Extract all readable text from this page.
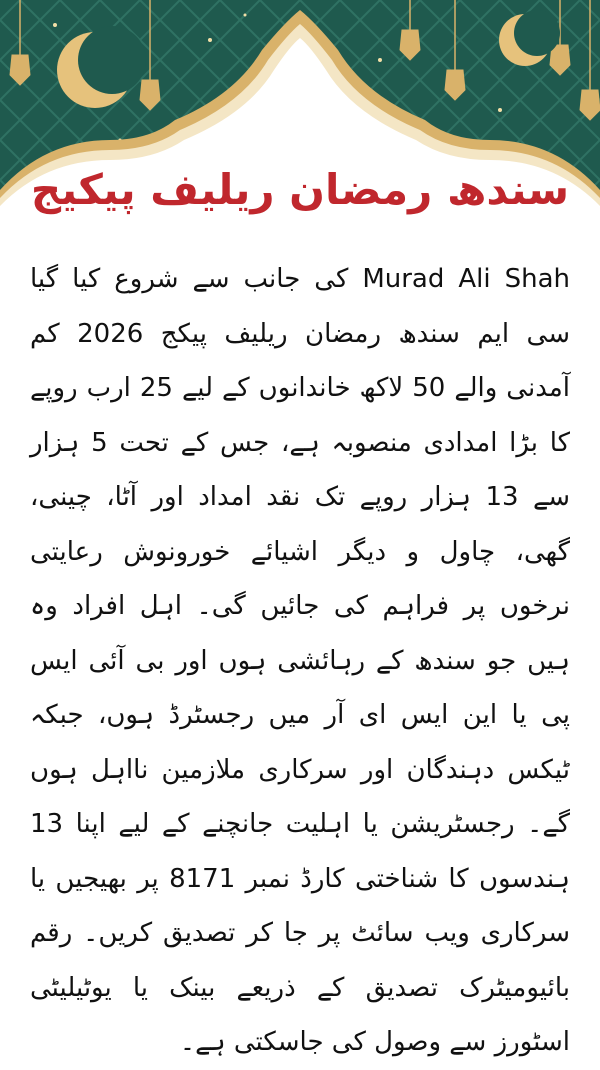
سندھ رمضان ریلیف پیکیج

Murad Ali Shah کی جانب سے شروع کیا گیا سی ایم سندھ رمضان ریلیف پیکج 2026 کم آمدنی والے 50 لاکھ خاندانوں کے لیے 25 ارب روپے کا بڑا امدادی منصوبہ ہے، جس کے تحت 5 ہزار سے 13 ہزار روپے تک نقد امداد اور آٹا، چینی، گھی، چاول و دیگر اشیائے خورونوش رعایتی نرخوں پر فراہم کی جائیں گی۔ اہل افراد وہ ہیں جو سندھ کے رہائشی ہوں اور بی آئی ایس پی یا این ایس ای آر میں رجسٹرڈ ہوں، جبکہ ٹیکس دہندگان اور سرکاری ملازمین نااہل ہوں گے۔ رجسٹریشن یا اہلیت جانچنے کے لیے اپنا 13 ہندسوں کا شناختی کارڈ نمبر 8171 پر بھیجیں یا سرکاری ویب سائٹ پر جا کر تصدیق کریں۔ رقم بائیومیٹرک تصدیق کے ذریعے بینک یا یوٹیلیٹی اسٹورز سے وصول کی جاسکتی ہے۔
